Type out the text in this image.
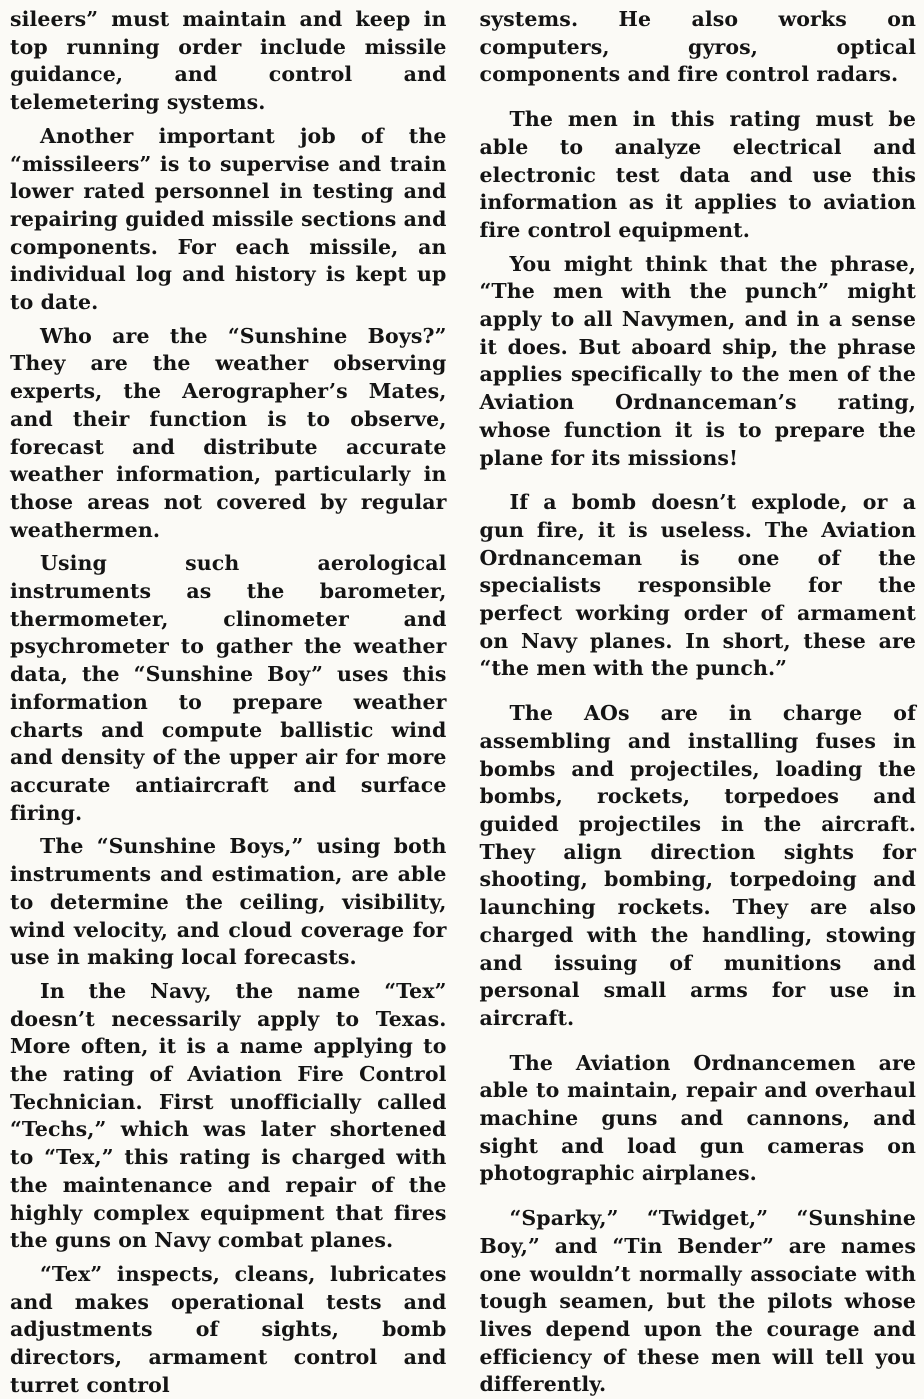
sileers” must maintain and keep in top running order include missile guidance, and control and telemetering systems.

Another important job of the “missileers” is to supervise and train lower rated personnel in testing and repairing guided missile sections and components. For each missile, an individual log and history is kept up to date.

Who are the “Sunshine Boys?” They are the weather observing experts, the Aerographer’s Mates, and their function is to observe, forecast and distribute accurate weather information, particularly in those areas not covered by regular weathermen.

Using such aerological instruments as the barometer, thermometer, clinometer and psychrometer to gather the weather data, the “Sunshine Boy” uses this information to prepare weather charts and compute ballistic wind and density of the upper air for more accurate antiaircraft and surface firing.

The “Sunshine Boys,” using both instruments and estimation, are able to determine the ceiling, visibility, wind velocity, and cloud coverage for use in making local forecasts.

In the Navy, the name “Tex” doesn’t necessarily apply to Texas. More often, it is a name applying to the rating of Aviation Fire Control Technician. First unofficially called “Techs,” which was later shortened to “Tex,” this rating is charged with the maintenance and repair of the highly complex equipment that fires the guns on Navy combat planes.

“Tex” inspects, cleans, lubricates and makes operational tests and adjustments of sights, bomb directors, armament control and turret control

systems. He also works on computers, gyros, optical components and fire control radars.

The men in this rating must be able to analyze electrical and electronic test data and use this information as it applies to aviation fire control equipment.

You might think that the phrase, “The men with the punch” might apply to all Navymen, and in a sense it does. But aboard ship, the phrase applies specifically to the men of the Aviation Ordnanceman’s rating, whose function it is to prepare the plane for its missions!

If a bomb doesn’t explode, or a gun fire, it is useless. The Aviation Ordnanceman is one of the specialists responsible for the perfect working order of armament on Navy planes. In short, these are “the men with the punch.”

The AOs are in charge of assembling and installing fuses in bombs and projectiles, loading the bombs, rockets, torpedoes and guided projectiles in the aircraft. They align direction sights for shooting, bombing, torpedoing and launching rockets. They are also charged with the handling, stowing and issuing of munitions and personal small arms for use in aircraft.

The Aviation Ordnancemen are able to maintain, repair and overhaul machine guns and cannons, and sight and load gun cameras on photographic airplanes.

“Sparky,” “Twidget,” “Sunshine Boy,” and “Tin Bender” are names one wouldn’t normally associate with tough seamen, but the pilots whose lives depend upon the courage and efficiency of these men will tell you differently.
